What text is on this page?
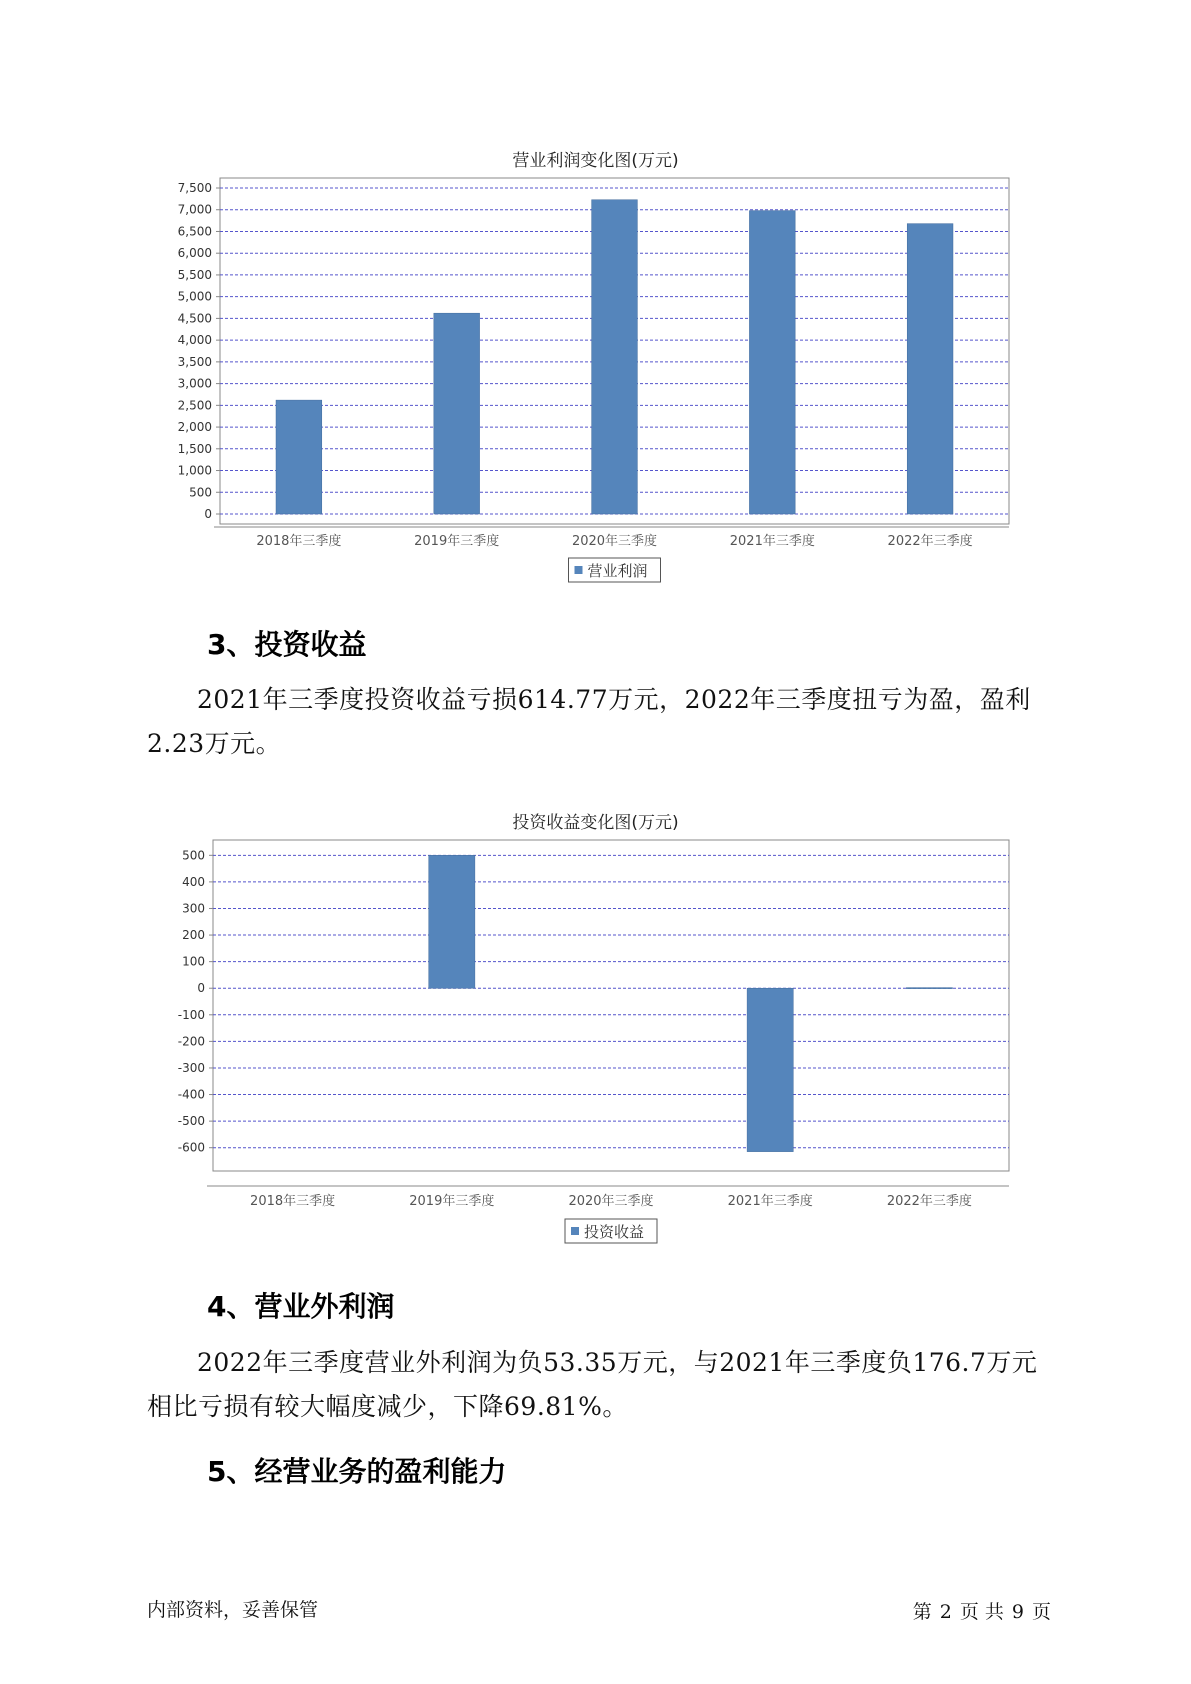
营业利润变化图(万元)
0
500
1,000
1,500
2,000
2,500
3,000
3,500
4,000
4,500
5,000
5,500
6,000
6,500
7,000
7,500
2018年三季度	2019年三季度	2020年三季度	2021年三季度	2022年三季度
营业利润
3、投资收益
2021年三季度投资收益亏损614.77万元，2022年三季度扭亏为盈，盈利2.23万元。
投资收益变化图(万元)
500
400
300
200
100
0
-100
-200
-300
-400
-500
-600
2018年三季度	2019年三季度	2020年三季度	2021年三季度	2022年三季度
投资收益
4、营业外利润
2022年三季度营业外利润为负53.35万元，与2021年三季度负176.7万元相比亏损有较大幅度减少，下降69.81%。
5、经营业务的盈利能力
内部资料，妥善保管	第 2 页 共 9 页
